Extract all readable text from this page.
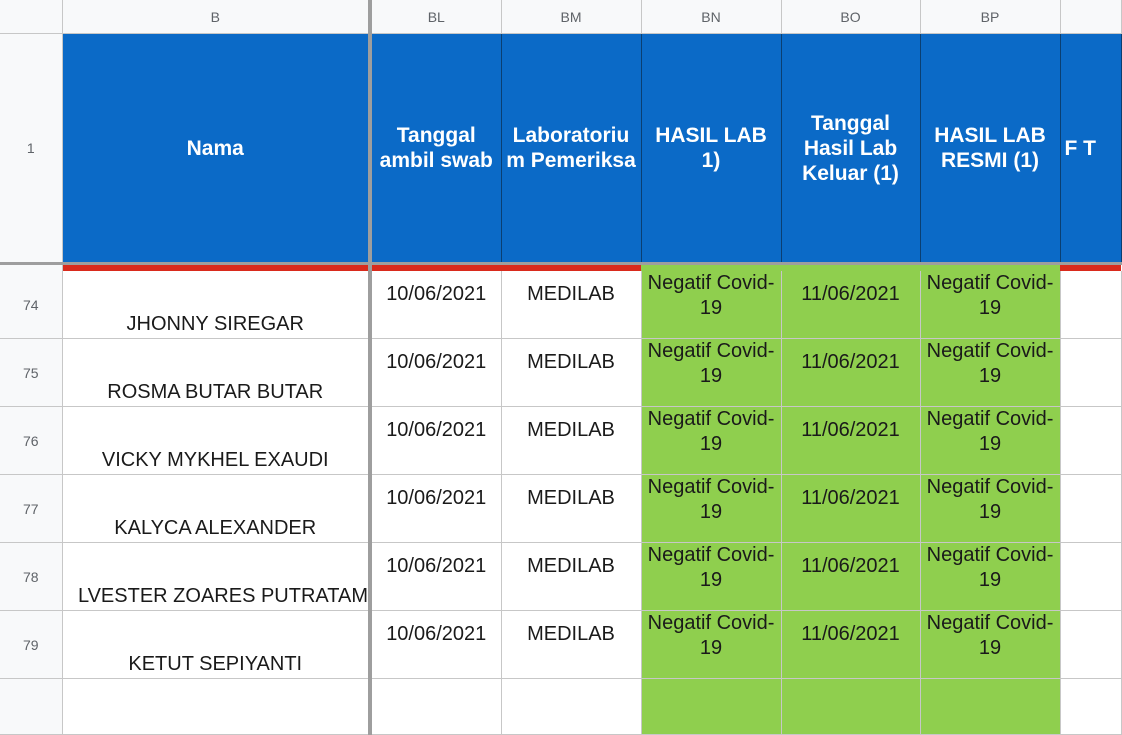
	B	BL	BM	BN	BO	BP	
1	Nama	Tanggal ambil swab	Laboratoriu m Pemeriksa	HASIL LAB 1)	Tanggal Hasil Lab Keluar (1)	HASIL LAB RESMI (1)	F T

74	JHONNY SIREGAR	10/06/2021	MEDILAB	Negatif Covid-19	11/06/2021	Negatif Covid-19	
75	ROSMA BUTAR BUTAR	10/06/2021	MEDILAB	Negatif Covid-19	11/06/2021	Negatif Covid-19	
76	VICKY MYKHEL EXAUDI	10/06/2021	MEDILAB	Negatif Covid-19	11/06/2021	Negatif Covid-19	
77	KALYCA ALEXANDER	10/06/2021	MEDILAB	Negatif Covid-19	11/06/2021	Negatif Covid-19	
78	LVESTER ZOARES PUTRATAM	10/06/2021	MEDILAB	Negatif Covid-19	11/06/2021	Negatif Covid-19	
79	KETUT SEPIYANTI	10/06/2021	MEDILAB	Negatif Covid-19	11/06/2021	Negatif Covid-19	
